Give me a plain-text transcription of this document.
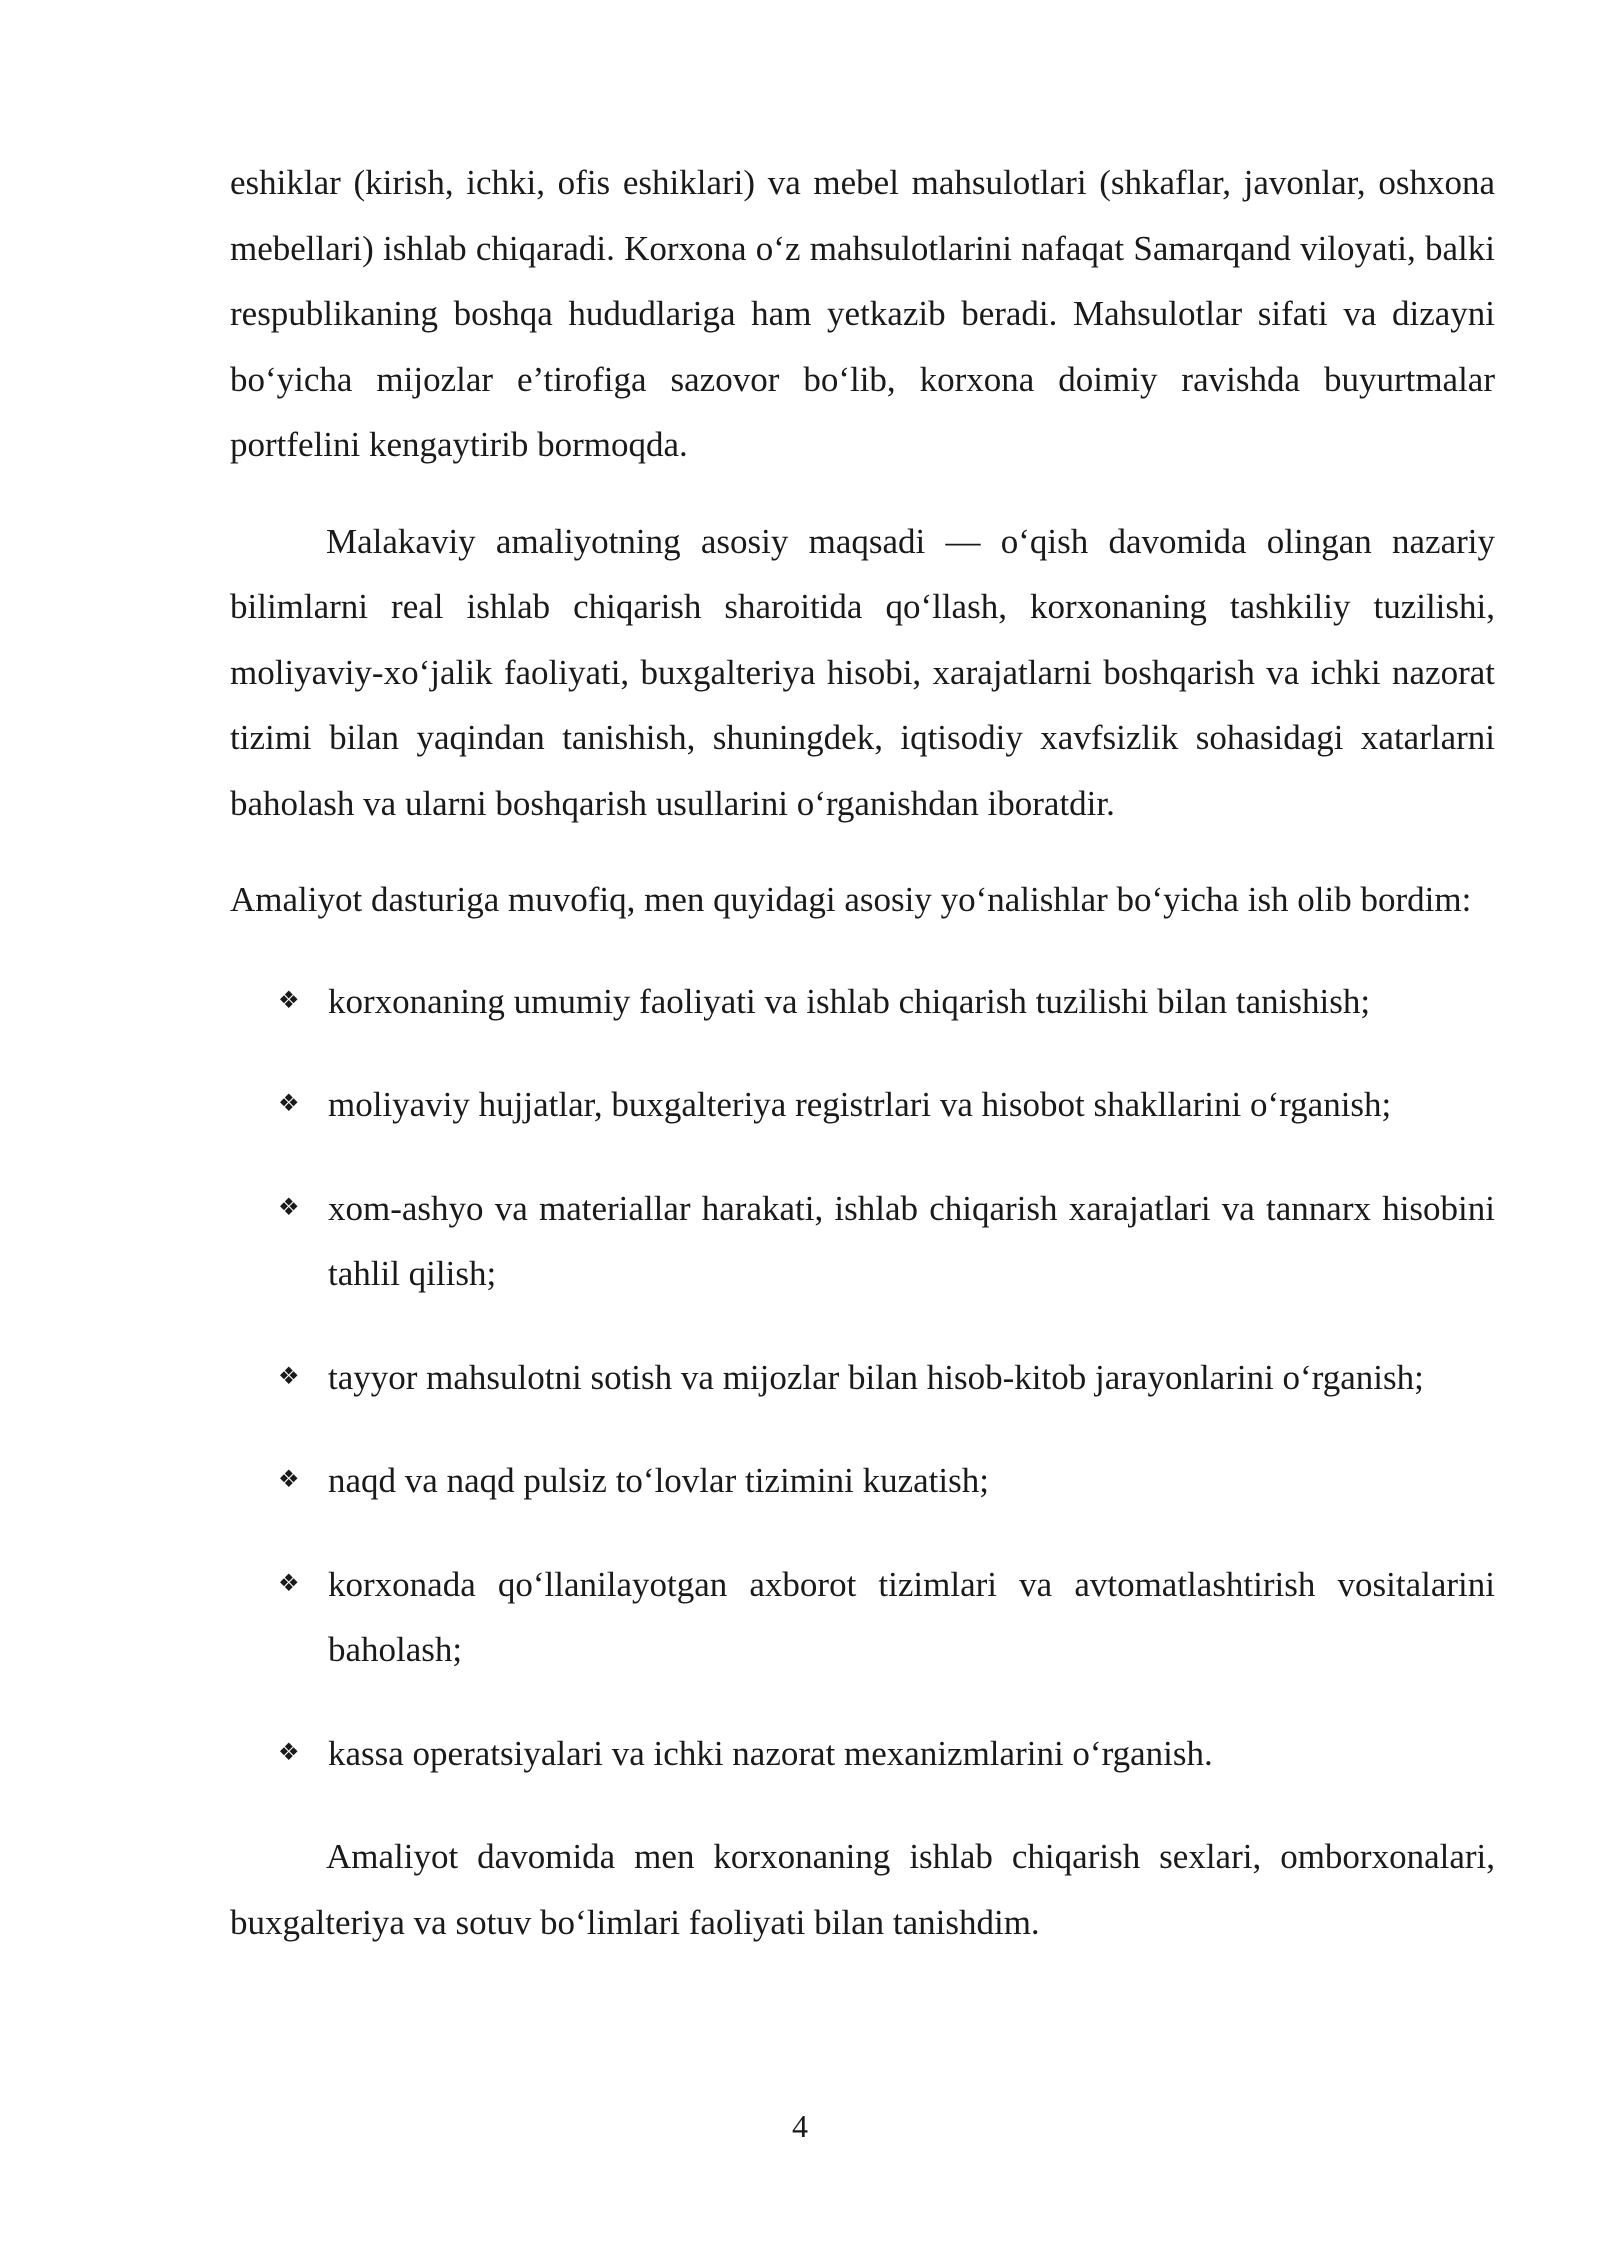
eshiklar (kirish, ichki, ofis eshiklari) va mebel mahsulotlari (shkaflar, javonlar, oshxona mebellari) ishlab chiqaradi. Korxona o‘z mahsulotlarini nafaqat Samarqand viloyati, balki respublikaning boshqa hududlariga ham yetkazib beradi. Mahsulotlar sifati va dizayni bo‘yicha mijozlar e’tirofiga sazovor bo‘lib, korxona doimiy ravishda buyurtmalar portfelini kengaytirib bormoqda.

Malakaviy amaliyotning asosiy maqsadi — o‘qish davomida olingan nazariy bilimlarni real ishlab chiqarish sharoitida qo‘llash, korxonaning tashkiliy tuzilishi, moliyaviy-xo‘jalik faoliyati, buxgalteriya hisobi, xarajatlarni boshqarish va ichki nazorat tizimi bilan yaqindan tanishish, shuningdek, iqtisodiy xavfsizlik sohasidagi xatarlarni baholash va ularni boshqarish usullarini o‘rganishdan iboratdir.

Amaliyot dasturiga muvofiq, men quyidagi asosiy yo‘nalishlar bo‘yicha ish olib bordim:

❖ korxonaning umumiy faoliyati va ishlab chiqarish tuzilishi bilan tanishish;
❖ moliyaviy hujjatlar, buxgalteriya registrlari va hisobot shakllarini o‘rganish;
❖ xom-ashyo va materiallar harakati, ishlab chiqarish xarajatlari va tannarx hisobini tahlil qilish;
❖ tayyor mahsulotni sotish va mijozlar bilan hisob-kitob jarayonlarini o‘rganish;
❖ naqd va naqd pulsiz to‘lovlar tizimini kuzatish;
❖ korxonada qo‘llanilayotgan axborot tizimlari va avtomatlashtirish vositalarini baholash;
❖ kassa operatsiyalari va ichki nazorat mexanizmlarini o‘rganish.

Amaliyot davomida men korxonaning ishlab chiqarish sexlari, omborxonalari, buxgalteriya va sotuv bo‘limlari faoliyati bilan tanishdim.

4
